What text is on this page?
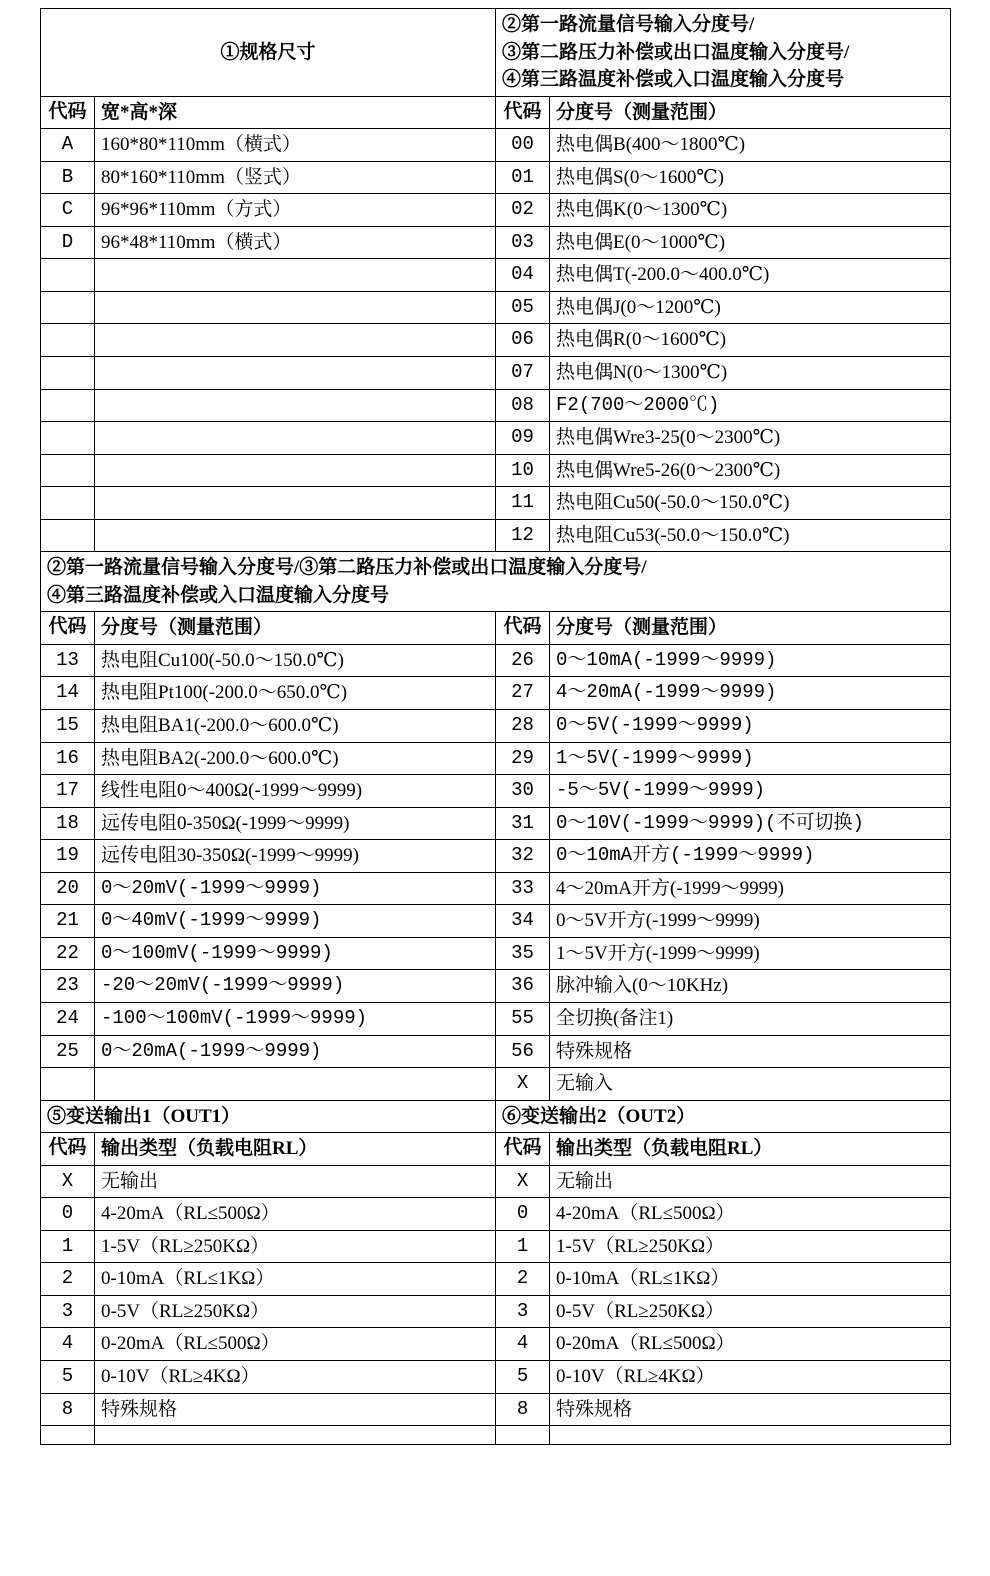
①规格尺寸		②第一路流量信号输入分度号/
③第二路压力补偿或出口温度输入分度号/
④第三路温度补偿或入口温度输入分度号	

代码	宽*高*深	代码	分度号（测量范围）
A	160*80*110mm（横式）	00	热电偶B(400～1800℃)
B	80*160*110mm（竖式）	01	热电偶S(0～1600℃)
C	96*96*110mm（方式）	02	热电偶K(0～1300℃)
D	96*48*110mm（横式）	03	热电偶E(0～1000℃)
		04	热电偶T(-200.0～400.0℃)
		05	热电偶J(0～1200℃)
		06	热电偶R(0～1600℃)
		07	热电偶N(0～1300℃)
		08	F2(700～2000℃)
		09	热电偶Wre3-25(0～2300℃)
		10	热电偶Wre5-26(0～2300℃)
		11	热电阻Cu50(-50.0～150.0℃)
		12	热电阻Cu53(-50.0～150.0℃)

②第一路流量信号输入分度号/③第二路压力补偿或出口温度输入分度号/
④第三路温度补偿或入口温度输入分度号			

代码	分度号（测量范围）	代码	分度号（测量范围）
13	热电阻Cu100(-50.0～150.0℃)	26	0～10mA(-1999～9999)
14	热电阻Pt100(-200.0～650.0℃)	27	4～20mA(-1999～9999)
15	热电阻BA1(-200.0～600.0℃)	28	0～5V(-1999～9999)
16	热电阻BA2(-200.0～600.0℃)	29	1～5V(-1999～9999)
17	线性电阻0～400Ω(-1999～9999)	30	-5～5V(-1999～9999)
18	远传电阻0-350Ω(-1999～9999)	31	0～10V(-1999～9999)(不可切换)
19	远传电阻30-350Ω(-1999～9999)	32	0～10mA开方(-1999～9999)
20	0～20mV(-1999～9999)	33	4～20mA开方(-1999～9999)
21	0～40mV(-1999～9999)	34	0～5V开方(-1999～9999)
22	0～100mV(-1999～9999)	35	1～5V开方(-1999～9999)
23	-20～20mV(-1999～9999)	36	脉冲输入(0～10KHz)
24	-100～100mV(-1999～9999)	55	全切换(备注1)
25	0～20mA(-1999～9999)	56	特殊规格
		X	无输入
⑤变送输出1（OUT1）		⑥变送输出2（OUT2）	
代码	输出类型（负载电阻RL）	代码	输出类型（负载电阻RL）
X	无输出	X	无输出
0	4-20mA（RL≤500Ω）	0	4-20mA（RL≤500Ω）
1	1-5V（RL≥250KΩ）	1	1-5V（RL≥250KΩ）
2	0-10mA（RL≤1KΩ）	2	0-10mA（RL≤1KΩ）
3	0-5V（RL≥250KΩ）	3	0-5V（RL≥250KΩ）
4	0-20mA（RL≤500Ω）	4	0-20mA（RL≤500Ω）
5	0-10V（RL≥4KΩ）	5	0-10V（RL≥4KΩ）
8	特殊规格	8	特殊规格
